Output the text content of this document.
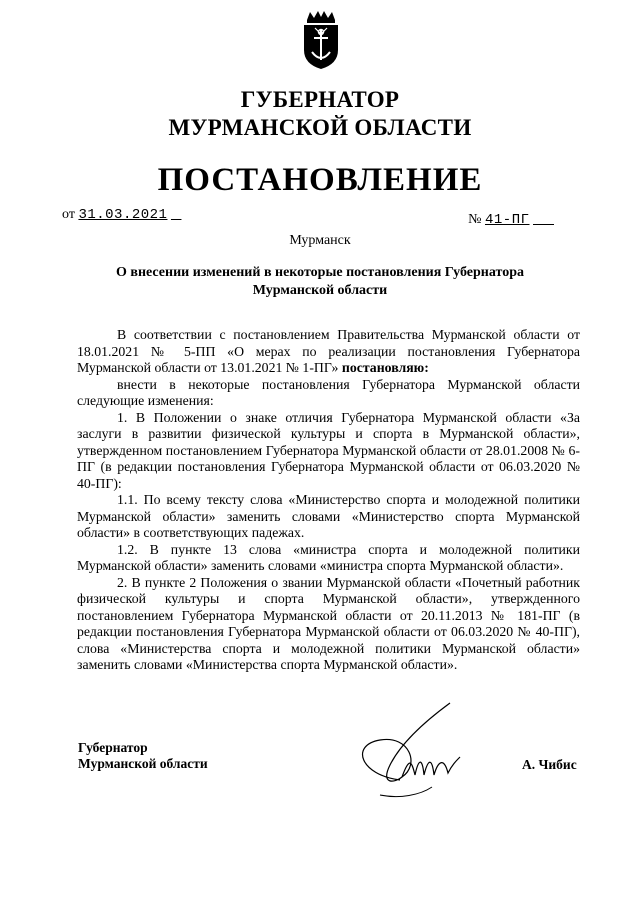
ГУБЕРНАТОР
МУРМАНСКОЙ ОБЛАСТИ
ПОСТАНОВЛЕНИЕ
от 31.03.2021	№ 41-ПГ
Мурманск
О внесении изменений в некоторые постановления Губернатора
Мурманской области

В соответствии с постановлением Правительства Мурманской области от 18.01.2021 № 5-ПП «О мерах по реализации постановления Губернатора Мурманской области от 13.01.2021 № 1-ПГ» постановляю:

внести в некоторые постановления Губернатора Мурманской области следующие изменения:

1. В Положении о знаке отличия Губернатора Мурманской области «За заслуги в развитии физической культуры и спорта в Мурманской области», утвержденном постановлением Губернатора Мурманской области от 28.01.2008 № 6-ПГ (в редакции постановления Губернатора Мурманской области от 06.03.2020 № 40-ПГ):

1.1. По всему тексту слова «Министерство спорта и молодежной политики Мурманской области» заменить словами «Министерство спорта Мурманской области» в соответствующих падежах.

1.2. В пункте 13 слова «министра спорта и молодежной политики Мурманской области» заменить словами «министра спорта Мурманской области».

2. В пункте 2 Положения о звании Мурманской области «Почетный работник физической культуры и спорта Мурманской области», утвержденного постановлением Губернатора Мурманской области от 20.11.2013 № 181-ПГ (в редакции постановления Губернатора Мурманской области от 06.03.2020 № 40-ПГ), слова «Министерства спорта и молодежной политики Мурманской области» заменить словами «Министерства спорта Мурманской области».

Губернатор
Мурманской области	А. Чибис
